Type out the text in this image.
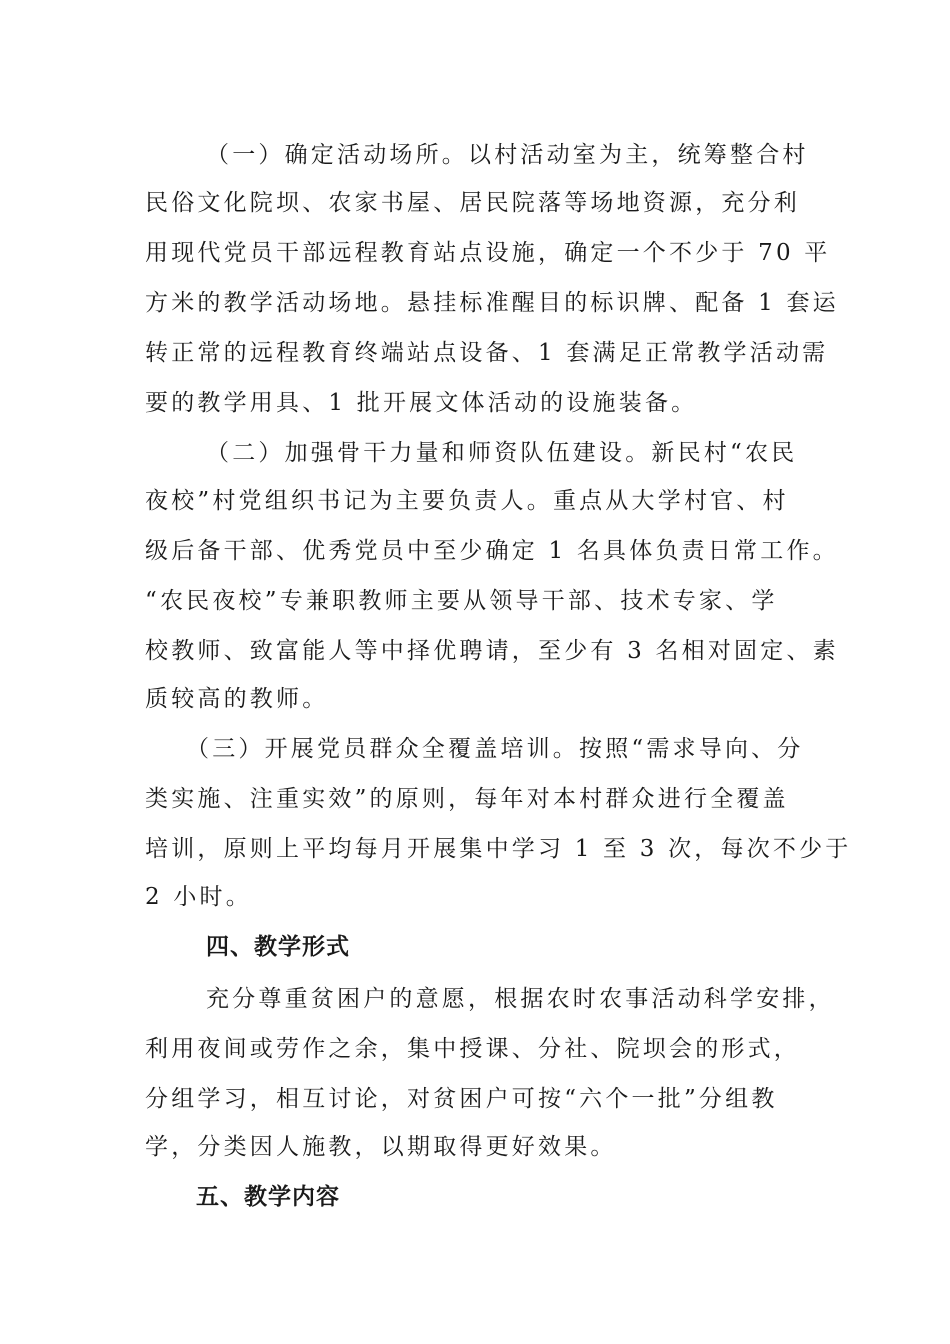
（一）确定活动场所。以村活动室为主，统筹整合村
民俗文化院坝、农家书屋、居民院落等场地资源，充分利
用现代党员干部远程教育站点设施，确定一个不少于 70 平
方米的教学活动场地。悬挂标准醒目的标识牌、配备 1 套运
转正常的远程教育终端站点设备、1 套满足正常教学活动需
要的教学用具、1 批开展文体活动的设施装备。
（二）加强骨干力量和师资队伍建设。新民村“农民
夜校”村党组织书记为主要负责人。重点从大学村官、村
级后备干部、优秀党员中至少确定 1 名具体负责日常工作。
“农民夜校”专兼职教师主要从领导干部、技术专家、学
校教师、致富能人等中择优聘请，至少有 3 名相对固定、素
质较高的教师。
（三）开展党员群众全覆盖培训。按照“需求导向、分
类实施、注重实效”的原则，每年对本村群众进行全覆盖
培训，原则上平均每月开展集中学习 1 至 3 次，每次不少于
2 小时。
四、教学形式
充分尊重贫困户的意愿，根据农时农事活动科学安排，
利用夜间或劳作之余，集中授课、分社、院坝会的形式，
分组学习，相互讨论，对贫困户可按“六个一批”分组教
学，分类因人施教，以期取得更好效果。
五、教学内容
